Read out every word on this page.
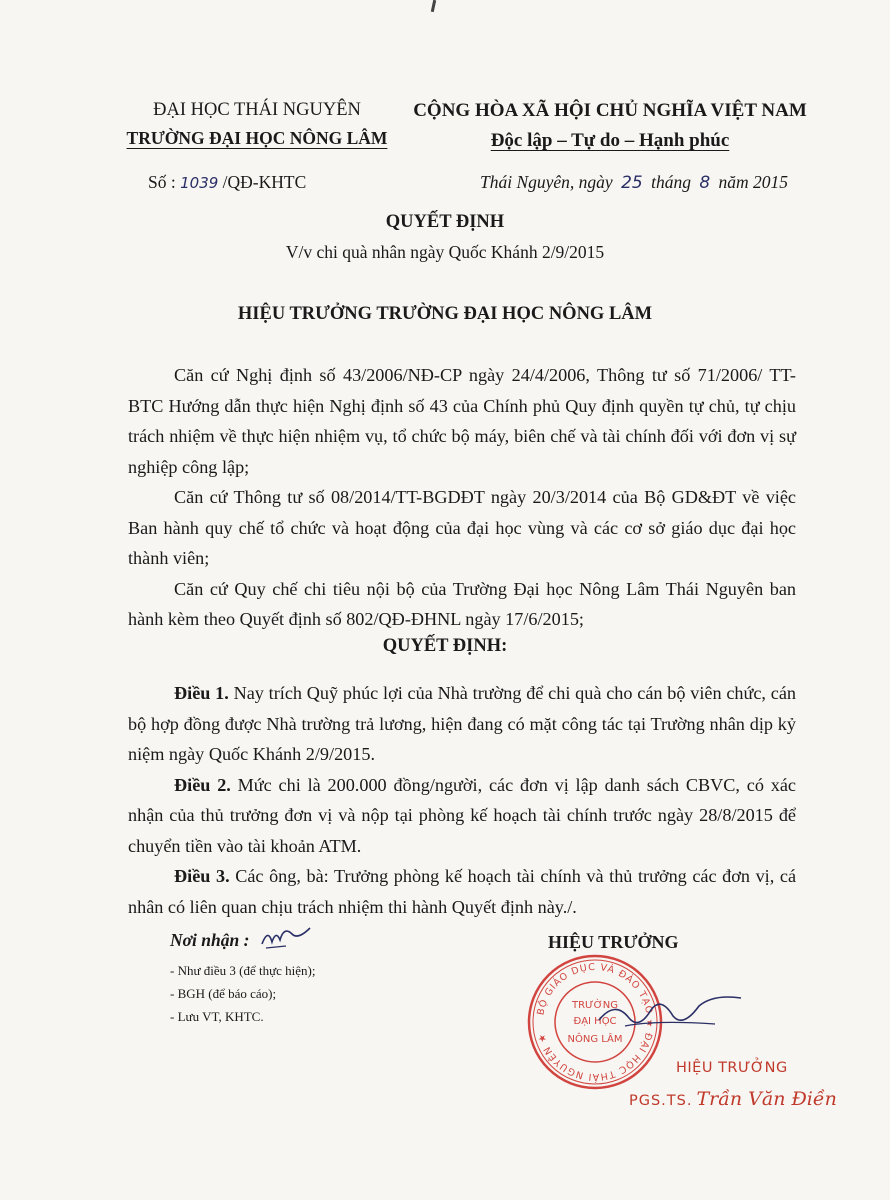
ĐẠI HỌC THÁI NGUYÊN
TRƯỜNG ĐẠI HỌC NÔNG LÂM
CỘNG HÒA XÃ HỘI CHỦ NGHĨA VIỆT NAM
Độc lập – Tự do – Hạnh phúc
Số : 1039 /QĐ-KHTC	Thái Nguyên, ngày 25 tháng 8 năm 2015
QUYẾT ĐỊNH
V/v chi quà nhân ngày Quốc Khánh 2/9/2015
HIỆU TRƯỞNG TRƯỜNG ĐẠI HỌC NÔNG LÂM

Căn cứ Nghị định số 43/2006/NĐ-CP ngày 24/4/2006, Thông tư số 71/2006/ TT-BTC Hướng dẫn thực hiện Nghị định số 43 của Chính phủ Quy định quyền tự chủ, tự chịu trách nhiệm về thực hiện nhiệm vụ, tổ chức bộ máy, biên chế và tài chính đối với đơn vị sự nghiệp công lập;

Căn cứ Thông tư số 08/2014/TT-BGDĐT ngày 20/3/2014 của Bộ GD&ĐT về việc Ban hành quy chế tổ chức và hoạt động của đại học vùng và các cơ sở giáo dục đại học thành viên;

Căn cứ Quy chế chi tiêu nội bộ của Trường Đại học Nông Lâm Thái Nguyên ban hành kèm theo Quyết định số 802/QĐ-ĐHNL ngày 17/6/2015;

QUYẾT ĐỊNH:

Điều 1. Nay trích Quỹ phúc lợi của Nhà trường để chi quà cho cán bộ viên chức, cán bộ hợp đồng được Nhà trường trả lương, hiện đang có mặt công tác tại Trường nhân dịp kỷ niệm ngày Quốc Khánh 2/9/2015.

Điều 2. Mức chi là 200.000 đồng/người, các đơn vị lập danh sách CBVC, có xác nhận của thủ trưởng đơn vị và nộp tại phòng kế hoạch tài chính trước ngày 28/8/2015 để chuyển tiền vào tài khoản ATM.

Điều 3. Các ông, bà: Trưởng phòng kế hoạch tài chính và thủ trưởng các đơn vị, cá nhân có liên quan chịu trách nhiệm thi hành Quyết định này./.

Nơi nhận :
- Như điều 3 (để thực hiện);
- BGH (để báo cáo);
- Lưu VT, KHTC.
HIỆU TRƯỞNG
BỘ GIÁO DỤC VÀ ĐÀO TẠO ★ ĐẠI HỌC THÁI NGUYÊN ★
TRƯỜNG
ĐẠI HỌC
NÔNG LÂM
HIỆU TRƯỞNG
PGS.TS. Trần Văn Điền
